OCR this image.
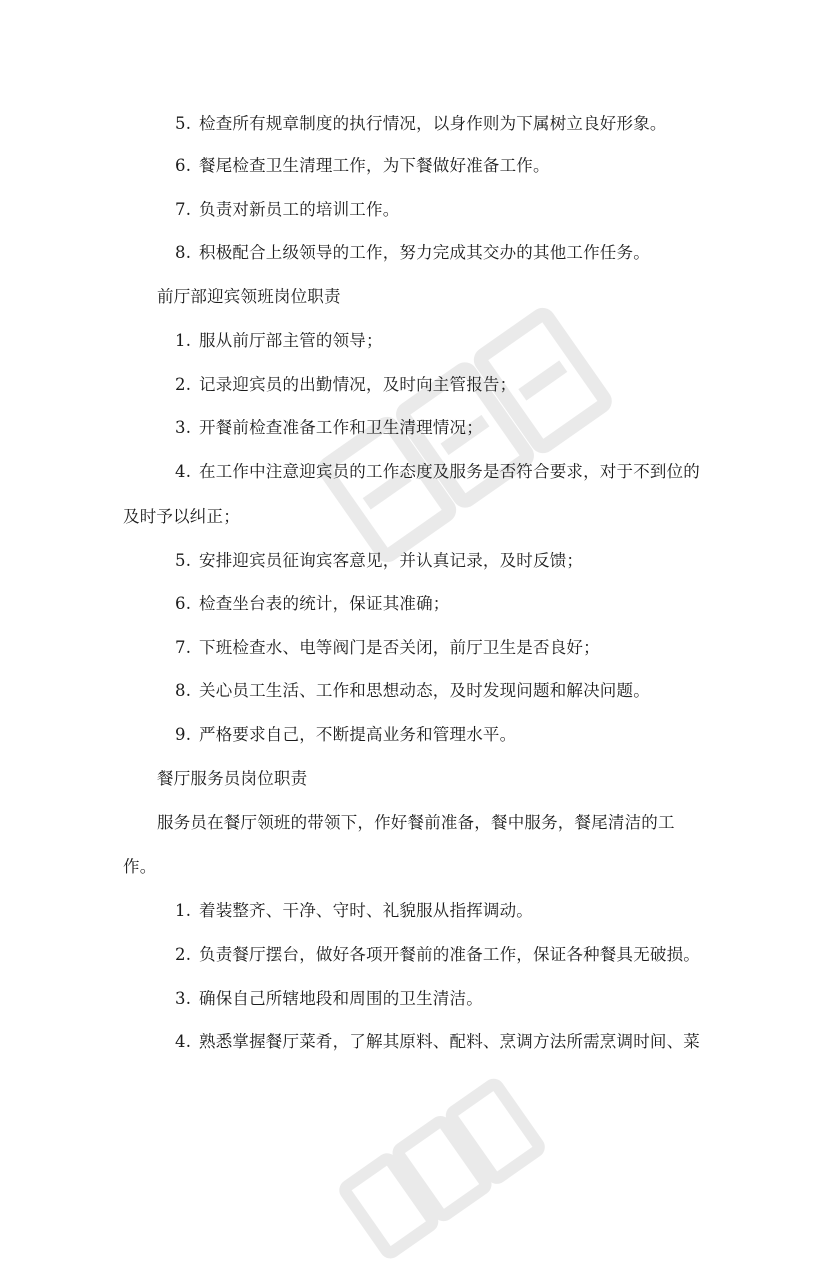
5. 检查所有规章制度的执行情况，以身作则为下属树立良好形象。
6. 餐尾检查卫生清理工作，为下餐做好准备工作。
7. 负责对新员工的培训工作。
8. 积极配合上级领导的工作，努力完成其交办的其他工作任务。
前厅部迎宾领班岗位职责
1. 服从前厅部主管的领导；
2. 记录迎宾员的出勤情况，及时向主管报告；
3. 开餐前检查准备工作和卫生清理情况；
4. 在工作中注意迎宾员的工作态度及服务是否符合要求，对于不到位的
及时予以纠正；
5. 安排迎宾员征询宾客意见，并认真记录，及时反馈；
6. 检查坐台表的统计，保证其准确；
7. 下班检查水、电等阀门是否关闭，前厅卫生是否良好；
8. 关心员工生活、工作和思想动态，及时发现问题和解决问题。
9. 严格要求自己，不断提高业务和管理水平。
餐厅服务员岗位职责
服务员在餐厅领班的带领下，作好餐前准备，餐中服务，餐尾清洁的工
作。
1. 着装整齐、干净、守时、礼貌服从指挥调动。
2. 负责餐厅摆台，做好各项开餐前的准备工作，保证各种餐具无破损。
3. 确保自己所辖地段和周围的卫生清洁。
4. 熟悉掌握餐厅菜肴，了解其原料、配料、烹调方法所需烹调时间、菜
